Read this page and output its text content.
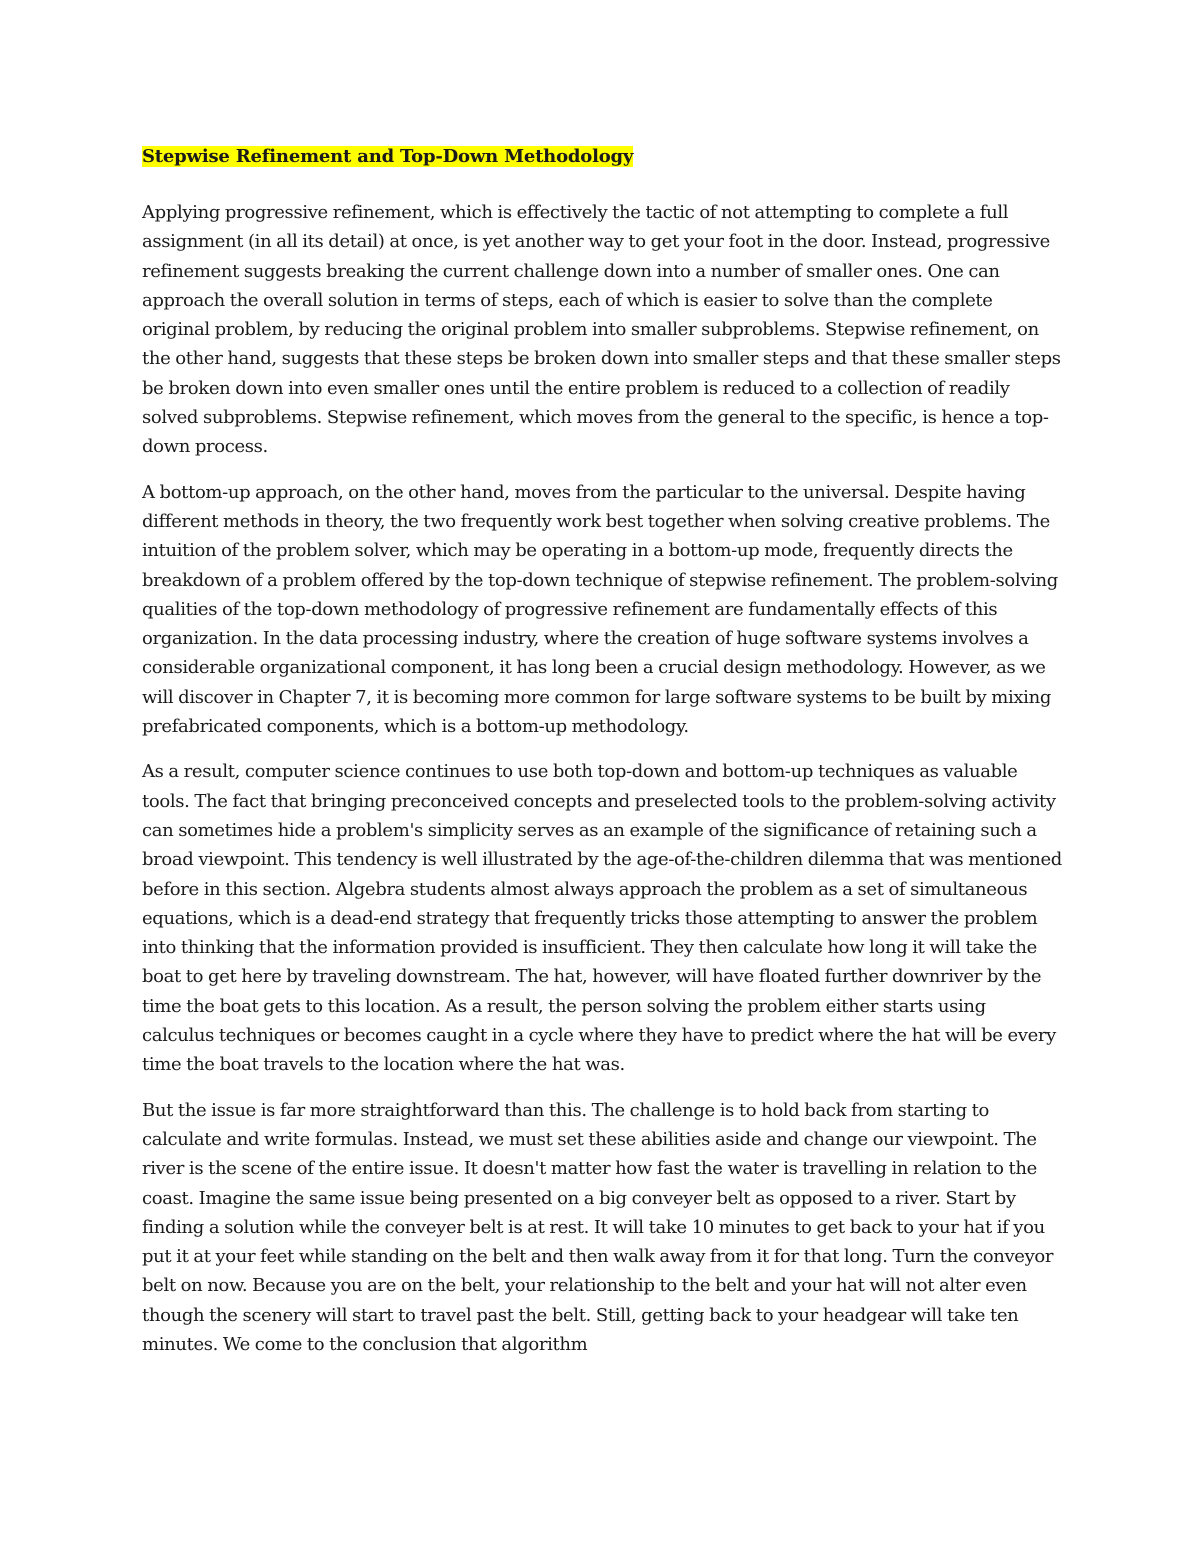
Stepwise Refinement and Top-Down Methodology

Applying progressive refinement, which is effectively the tactic of not attempting to complete a full assignment (in all its detail) at once, is yet another way to get your foot in the door. Instead, progressive refinement suggests breaking the current challenge down into a number of smaller ones. One can approach the overall solution in terms of steps, each of which is easier to solve than the complete original problem, by reducing the original problem into smaller subproblems. Stepwise refinement, on the other hand, suggests that these steps be broken down into smaller steps and that these smaller steps be broken down into even smaller ones until the entire problem is reduced to a collection of readily solved subproblems. Stepwise refinement, which moves from the general to the specific, is hence a top-down process.

A bottom-up approach, on the other hand, moves from the particular to the universal. Despite having different methods in theory, the two frequently work best together when solving creative problems. The intuition of the problem solver, which may be operating in a bottom-up mode, frequently directs the breakdown of a problem offered by the top-down technique of stepwise refinement. The problem-solving qualities of the top-down methodology of progressive refinement are fundamentally effects of this organization. In the data processing industry, where the creation of huge software systems involves a considerable organizational component, it has long been a crucial design methodology. However, as we will discover in Chapter 7, it is becoming more common for large software systems to be built by mixing prefabricated components, which is a bottom-up methodology.

As a result, computer science continues to use both top-down and bottom-up techniques as valuable tools. The fact that bringing preconceived concepts and preselected tools to the problem-solving activity can sometimes hide a problem's simplicity serves as an example of the significance of retaining such a broad viewpoint. This tendency is well illustrated by the age-of-the-children dilemma that was mentioned before in this section. Algebra students almost always approach the problem as a set of simultaneous equations, which is a dead-end strategy that frequently tricks those attempting to answer the problem into thinking that the information provided is insufficient. They then calculate how long it will take the boat to get here by traveling downstream. The hat, however, will have floated further downriver by the time the boat gets to this location. As a result, the person solving the problem either starts using calculus techniques or becomes caught in a cycle where they have to predict where the hat will be every time the boat travels to the location where the hat was.

But the issue is far more straightforward than this. The challenge is to hold back from starting to calculate and write formulas. Instead, we must set these abilities aside and change our viewpoint. The river is the scene of the entire issue. It doesn't matter how fast the water is travelling in relation to the coast. Imagine the same issue being presented on a big conveyer belt as opposed to a river. Start by finding a solution while the conveyer belt is at rest. It will take 10 minutes to get back to your hat if you put it at your feet while standing on the belt and then walk away from it for that long. Turn the conveyor belt on now. Because you are on the belt, your relationship to the belt and your hat will not alter even though the scenery will start to travel past the belt. Still, getting back to your headgear will take ten minutes. We come to the conclusion that algorithm
